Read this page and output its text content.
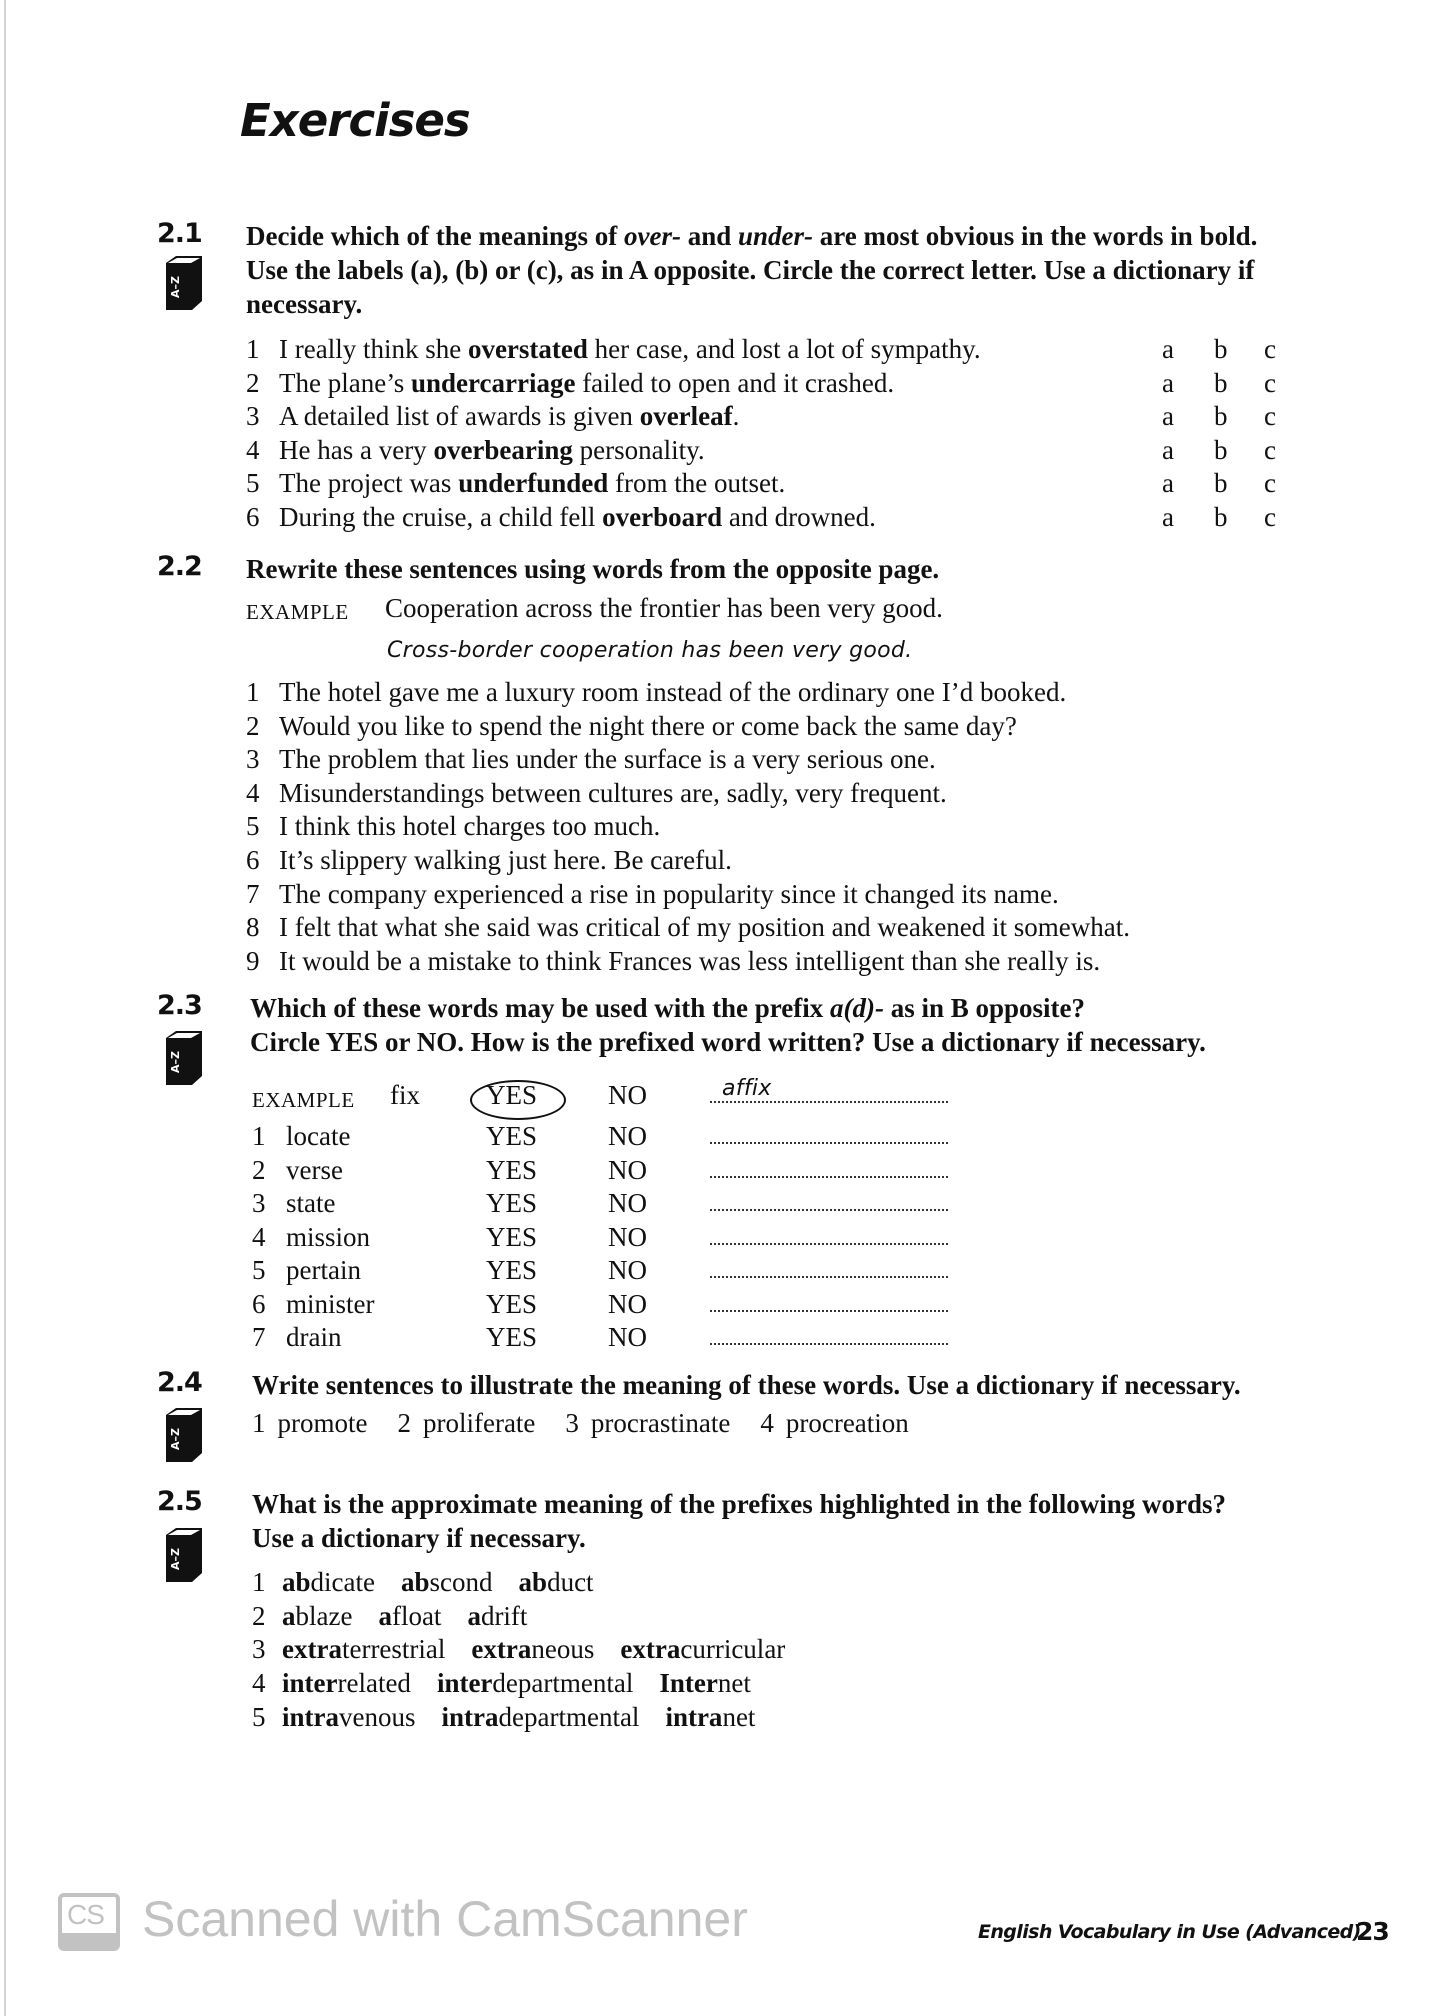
Exercises
2.1
A–Z
Decide which of the meanings of over- and under- are most obvious in the words in bold.
Use the labels (a), (b) or (c), as in A opposite. Circle the correct letter. Use a dictionary if
necessary.
1 I really think she overstated her case, and lost a lot of sympathy.	a b c
2 The plane’s undercarriage failed to open and it crashed.	a b c
3 A detailed list of awards is given overleaf.	a b c
4 He has a very overbearing personality.	a b c
5 The project was underfunded from the outset.	a b c
6 During the cruise, a child fell overboard and drowned.	a b c
2.2 Rewrite these sentences using words from the opposite page.
EXAMPLE Cooperation across the frontier has been very good.
Cross-border cooperation has been very good.
1 The hotel gave me a luxury room instead of the ordinary one I’d booked.
2 Would you like to spend the night there or come back the same day?
3 The problem that lies under the surface is a very serious one.
4 Misunderstandings between cultures are, sadly, very frequent.
5 I think this hotel charges too much.
6 It’s slippery walking just here. Be careful.
7 The company experienced a rise in popularity since it changed its name.
8 I felt that what she said was critical of my position and weakened it somewhat.
9 It would be a mistake to think Frances was less intelligent than she really is.
2.3
A–Z
Which of these words may be used with the prefix a(d)- as in B opposite?
Circle YES or NO. How is the prefixed word written? Use a dictionary if necessary.
EXAMPLE fix YES	NO	affix
1 locate	YES	NO
2 verse	YES	NO
3 state	YES	NO
4 mission	YES	NO
5 pertain	YES	NO
6 minister	YES	NO
7 drain	YES	NO
2.4
A–Z
Write sentences to illustrate the meaning of these words. Use a dictionary if necessary.
1 promote 2 proliferate 3 procrastinate 4 procreation
2.5
A–Z
What is the approximate meaning of the prefixes highlighted in the following words?
Use a dictionary if necessary.
1 abdicate abscond abduct
2 ablaze afloat adrift
3 extraterrestrial extraneous extracurricular
4 interrelated interdepartmental Internet
5 intravenous intradepartmental intranet
CS Scanned with CamScanner	English Vocabulary in Use (Advanced)
23
